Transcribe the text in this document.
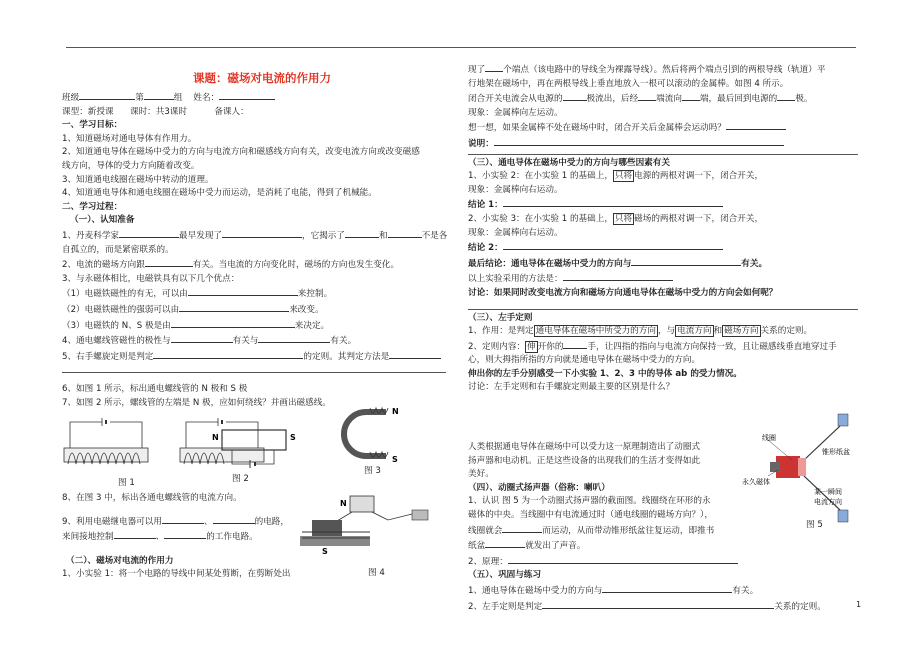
课题：磁场对电流的作用力
班级	第	组 姓名：
课型：新授课 课时：共3课时	备课人：
一、学习目标：
1、知道磁场对通电导体有作用力。
2、知道通电导体在磁场中受力的方向与电流方向和磁感线方向有关，改变电流方向或改变磁感
线方向，导体的受力方向随着改变。
3、知道通电线圈在磁场中转动的道理。
4、知道通电导体和通电线圈在磁场中受力而运动，是消耗了电能，得到了机械能。
二、学习过程：
（一）、认知准备
1、丹麦科学家	最早发现了	，它揭示了	和	不是各
自孤立的，而是紧密联系的。
2、电流的磁场方向跟	有关。当电流的方向变化时，磁场的方向也发生变化。
3、与永磁体相比，电磁铁具有以下几个优点：
（1）电磁铁磁性的有无，可以由	来控制。
（2）电磁铁磁性的强弱可以由	来改变。
（3）电磁铁的 N、S 极是由	来决定。
4、通电螺线管磁性的极性与	有关与	有关。
5、右手螺旋定则是判定	的定则。其判定方法是
6、如图 1 所示，标出通电螺线管的 N 极和 S 极
7、如图 2 所示，螺线管的左端是 N 极，应如何绕线？并画出磁感线。
图 1	图 2
N	S
N
S
图 3
8、在图 3 中，标出各通电螺线管的电流方向。
9、利用电磁继电器可以用	、	的电路，
来间接地控制	、	的工作电路。
（二）、磁场对电流的作用力
1、小实验 1：将一个电路的导线中间某处剪断，在剪断处出
N
S
图 4
现了 个端点（该电路中的导线全为裸露导线）。然后将两个端点引到的两根导线（轨道）平
行地架在磁场中，再在两根导线上垂直地放入一根可以滚动的金属棒。如图 4 所示。
闭合开关电流会从电源的	极流出，后经 端流向 端，最后回到电源的 极。
现象：金属棒向左运动。
想一想，如果金属棒不处在磁场中时，闭合开关后金属棒会运动吗？
说明：
（三）、通电导体在磁场中受力的方向与哪些因素有关
1、小实验 2：在小实验 1 的基础上， 只将 电源的两根对调一下，闭合开关，
现象：金属棒向右运动。
结论 1：
2、小实验 3：在小实验 1 的基础上， 只将 磁场的两根对调一下，闭合开关，
现象：金属棒向右运动。
结论 2：
最后结论：通电导体在磁场中受力的方向与	有关。
以上实验采用的方法是：
讨论：如果同时改变电流方向和磁场方向通电导体在磁场中受力的方向会如何呢？
（三）、左手定则
1、作用：是判定 通电导体在磁场中所受力的方向 ，与 电流方向 和 磁场方向 关系的定则。
2、定则内容： 伸 开你的	手，让四指的指向与电流方向保持一致，且让磁感线垂直地穿过手
心，则大拇指所指的方向就是通电导体在磁场中受力的方向。
伸出你的左手分别感受一下小实验 1、2、3 中的导体 ab 的受力情况。
讨论：左手定则和右手螺旋定则最主要的区别是什么？
人类根据通电导体在磁场中可以受力这一原理制造出了动圈式
扬声器和电动机。正是这些设备的出现我们的生活才变得如此
美好。
（四）、动圈式扬声器（俗称：喇叭）
1、认识 图 5 为一个动圈式扬声器的截面图。线圈绕在环形的永
磁体的中央。当线圈中有电流通过时（通电线圈的磁场方向？），
线圈就会	而运动，从而带动锥形纸盆往复运动，即推书
纸盆	就发出了声音。
2、原理：
（五）、巩固与练习
1、通电导体在磁场中受力的方向与	有关。
2、左手定则是判定	关系的定则。
线圈
锥形纸盆
永久磁体
某一瞬间
电流方向
图 5
1
